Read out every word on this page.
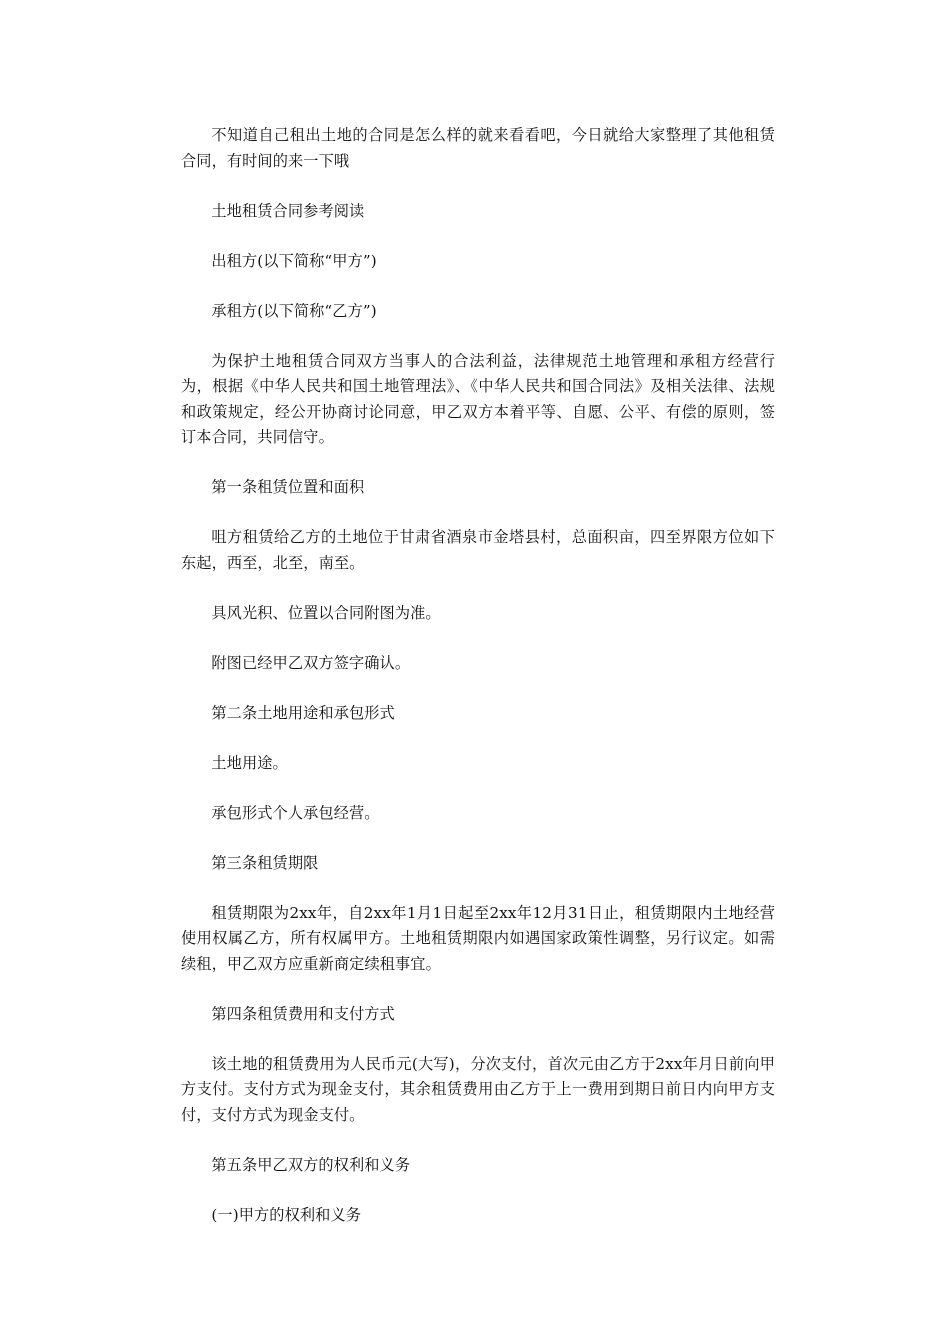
不知道自己租出土地的合同是怎么样的就来看看吧，今日就给大家整理了其他租赁合同，有时间的来一下哦

土地租赁合同参考阅读

出租方(以下简称“甲方”)

承租方(以下简称“乙方”)

为保护土地租赁合同双方当事人的合法利益，法律规范土地管理和承租方经营行为，根据《中华人民共和国土地管理法》、《中华人民共和国合同法》及相关法律、法规和政策规定，经公开协商讨论同意，甲乙双方本着平等、自愿、公平、有偿的原则，签订本合同，共同信守。

第一条租赁位置和面积

咀方租赁给乙方的土地位于甘肃省酒泉市金塔县村，总面积亩，四至界限方位如下东起，西至，北至，南至。

具风光积、位置以合同附图为准。

附图已经甲乙双方签字确认。

第二条土地用途和承包形式

土地用途。

承包形式个人承包经营。

第三条租赁期限

租赁期限为2xx年，自2xx年1月1日起至2xx年12月31日止，租赁期限内土地经营使用权属乙方，所有权属甲方。土地租赁期限内如遇国家政策性调整，另行议定。如需续租，甲乙双方应重新商定续租事宜。

第四条租赁费用和支付方式

该土地的租赁费用为人民币元(大写)，分次支付，首次元由乙方于2xx年月日前向甲方支付。支付方式为现金支付，其余租赁费用由乙方于上一费用到期日前日内向甲方支付，支付方式为现金支付。

第五条甲乙双方的权利和义务

(一)甲方的权利和义务
